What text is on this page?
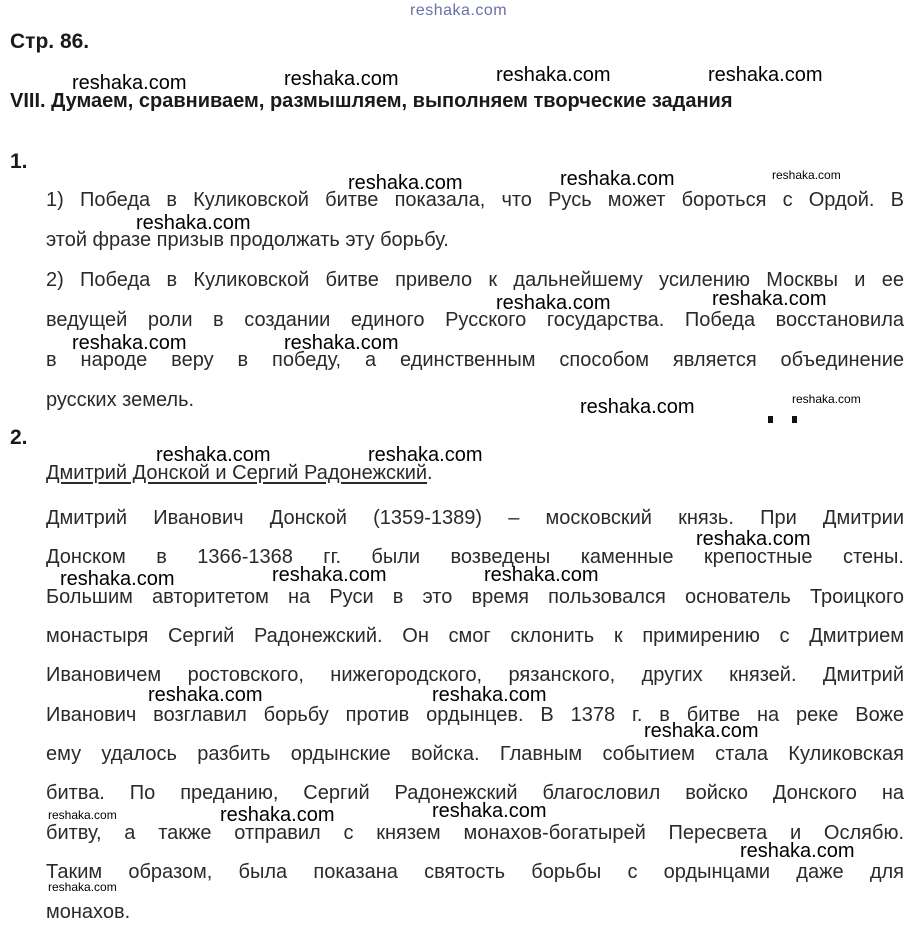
Стр. 86.
VIII. Думаем, сравниваем, размышляем, выполняем творческие задания
1.
1) Победа в Куликовской битве показала, что Русь может бороться с Ордой. В
этой фразе призыв продолжать эту борьбу.
2) Победа в Куликовской битве привело к дальнейшему усилению Москвы и ее
ведущей роли в создании единого Русского государства. Победа восстановила
в народе веру в победу, а единственным способом является объединение
русских земель.
2.
Дмитрий Донской и Сергий Радонежский.
Дмитрий Иванович Донской (1359-1389) – московский князь. При Дмитрии
Донском в 1366-1368 гг. были возведены каменные крепостные стены.
Большим авторитетом на Руси в это время пользовался основатель Троицкого
монастыря Сергий Радонежский. Он смог склонить к примирению с Дмитрием
Ивановичем ростовского, нижегородского, рязанского, других князей. Дмитрий
Иванович возглавил борьбу против ордынцев. В 1378 г. в битве на реке Воже
ему удалось разбить ордынские войска. Главным событием стала Куликовская
битва. По преданию, Сергий Радонежский благословил войско Донского на
битву, а также отправил с князем монахов-богатырей Пересвета и Ослябю.
Таким образом, была показана святость борьбы с ордынцами даже для
монахов.
reshaka.com
reshaka.com	reshaka.com	reshaka.com	reshaka.com
reshaka.com	reshaka.com	reshaka.com
reshaka.com
reshaka.com	reshaka.com
reshaka.com	reshaka.com
reshaka.com	reshaka.com
reshaka.com	reshaka.com
reshaka.com
reshaka.com	reshaka.com	reshaka.com
reshaka.com	reshaka.com
reshaka.com
reshaka.com	reshaka.com	reshaka.com
reshaka.com
reshaka.com
